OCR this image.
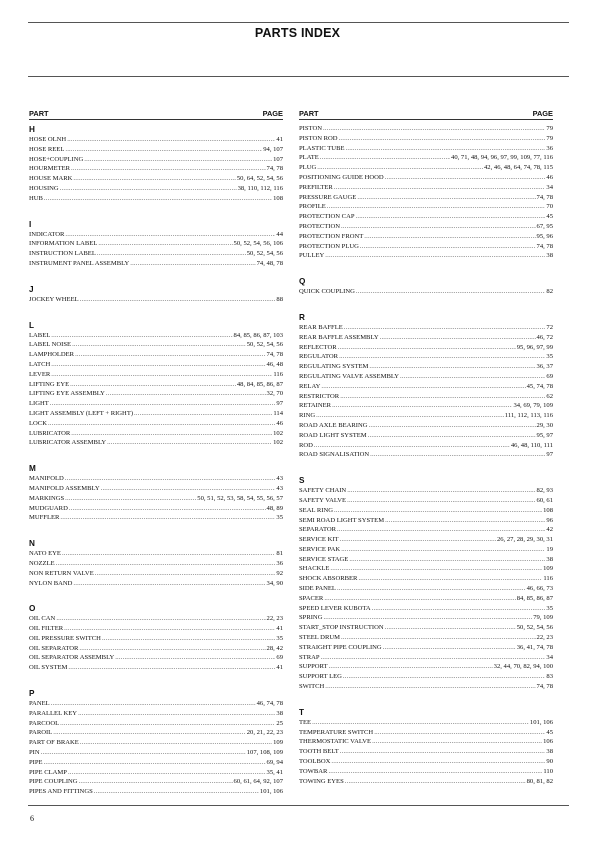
PARTS INDEX
PART	PAGE
H
HOSE OLNH .....	41
HOSE REEL .....	94, 107
HOSE+COUPLING .....	107
HOURMETER .....	74, 78
HOUSE MARK .....	50, 64, 52, 54, 56
HOUSING .....	38, 110, 112, 116
HUB .....	108
I
INDICATOR .....	44
INFORMATION LABEL .....	50, 52, 54, 56, 106
INSTRUCTION LABEL .....	50, 52, 54, 56
INSTRUMENT PANEL ASSEMBLY .....	74, 48, 78
J
JOCKEY WHEEL .....	88
L
LABEL .....	84, 85, 86, 87, 103
LABEL NOISE .....	50, 52, 54, 56
LAMPHOLDER .....	74, 78
LATCH .....	46, 48
LEVER .....	116
LIFTING EYE .....	48, 84, 85, 86, 87
LIFTING EYE ASSEMBLY .....	32, 70
LIGHT .....	97
LIGHT ASSEMBLY (LEFT + RIGHT) .....	114
LOCK .....	46
LUBRICATOR .....	102
LUBRICATOR ASSEMBLY .....	102
M
MANIFOLD .....	43
MANIFOLD ASSEMBLY .....	43
MARKINGS .....	50, 51, 52, 53, 58, 54, 55, 56, 57
MUDGUARD .....	48, 89
MUFFLER .....	35
N
NATO EYE .....	81
NOZZLE .....	36
NON RETURN VALVE .....	92
NYLON BAND .....	34, 90
O
OIL CAN .....	22, 23
OIL FILTER .....	41
OIL PRESSURE SWITCH .....	35
OIL SEPARATOR .....	28, 42
OIL SEPARATOR ASSEMBLY .....	69
OIL SYSTEM .....	41
P
PANEL .....	46, 74, 78
PARALLEL KEY .....	38
PARCOOL .....	25
PAROIL .....	20, 21, 22, 23
PART OF BRAKE .....	109
PIN .....	107, 108, 109
PIPE .....	69, 94
PIPE CLAMP .....	35, 41
PIPE COUPLING .....	60, 61, 64, 92, 107
PIPES AND FITTINGS .....	101, 106
PART	PAGE
PISTON .....	79
PISTON ROD .....	79
PLASTIC TUBE .....	36
PLATE .....	40, 71, 48, 94, 96, 97, 99, 109, 77, 116
PLUG .....	42, 46, 48, 64, 74, 78, 115
POSITIONING GUIDE HOOD .....	46
PREFILTER .....	34
PRESSURE GAUGE .....	74, 78
PROFILE .....	70
PROTECTION CAP .....	45
PROTECTION .....	67, 95
PROTECTION FRONT .....	95, 96
PROTECTION PLUG .....	74, 78
PULLEY .....	38
Q
QUICK COUPLING .....	82
R
REAR BAFFLE .....	72
REAR BAFFLE ASSEMBLY .....	46, 72
REFLECTOR .....	95, 96, 97, 99
REGULATOR .....	35
REGULATING SYSTEM .....	36, 37
REGULATING VALVE ASSEMBLY .....	69
RELAY .....	45, 74, 78
RESTRICTOR .....	62
RETAINER .....	34, 69, 79, 109
RING .....	111, 112, 113, 116
ROAD AXLE BEARING .....	29, 30
ROAD LIGHT SYSTEM .....	95, 97
ROD .....	46, 48, 110, 111
ROAD SIGNALISATION .....	97
S
SAFETY CHAIN .....	82, 93
SAFETY VALVE .....	60, 61
SEAL RING .....	108
SEMI ROAD LIGHT SYSTEM .....	96
SEPARATOR .....	42
SERVICE KIT .....	26, 27, 28, 29, 30, 31
SERVICE PAK .....	19
SERVICE STAGE .....	38
SHACKLE .....	109
SHOCK ABSORBER .....	116
SIDE PANEL .....	46, 66, 73
SPACER .....	84, 85, 86, 87
SPEED LEVER KUBOTA .....	35
SPRING .....	79, 109
START_STOP INSTRUCTION .....	50, 52, 54, 56
STEEL DRUM .....	22, 23
STRAIGHT PIPE COUPLING .....	36, 41, 74, 78
STRAP .....	34
SUPPORT .....	32, 44, 70, 82, 94, 100
SUPPORT LEG .....	83
SWITCH .....	74, 78
T
TEE .....	101, 106
TEMPERATURE SWITCH .....	45
THERMOSTATIC VALVE .....	106
TOOTH BELT .....	38
TOOLBOX .....	90
TOWBAR .....	110
TOWING EYES .....	80, 81, 82
6
